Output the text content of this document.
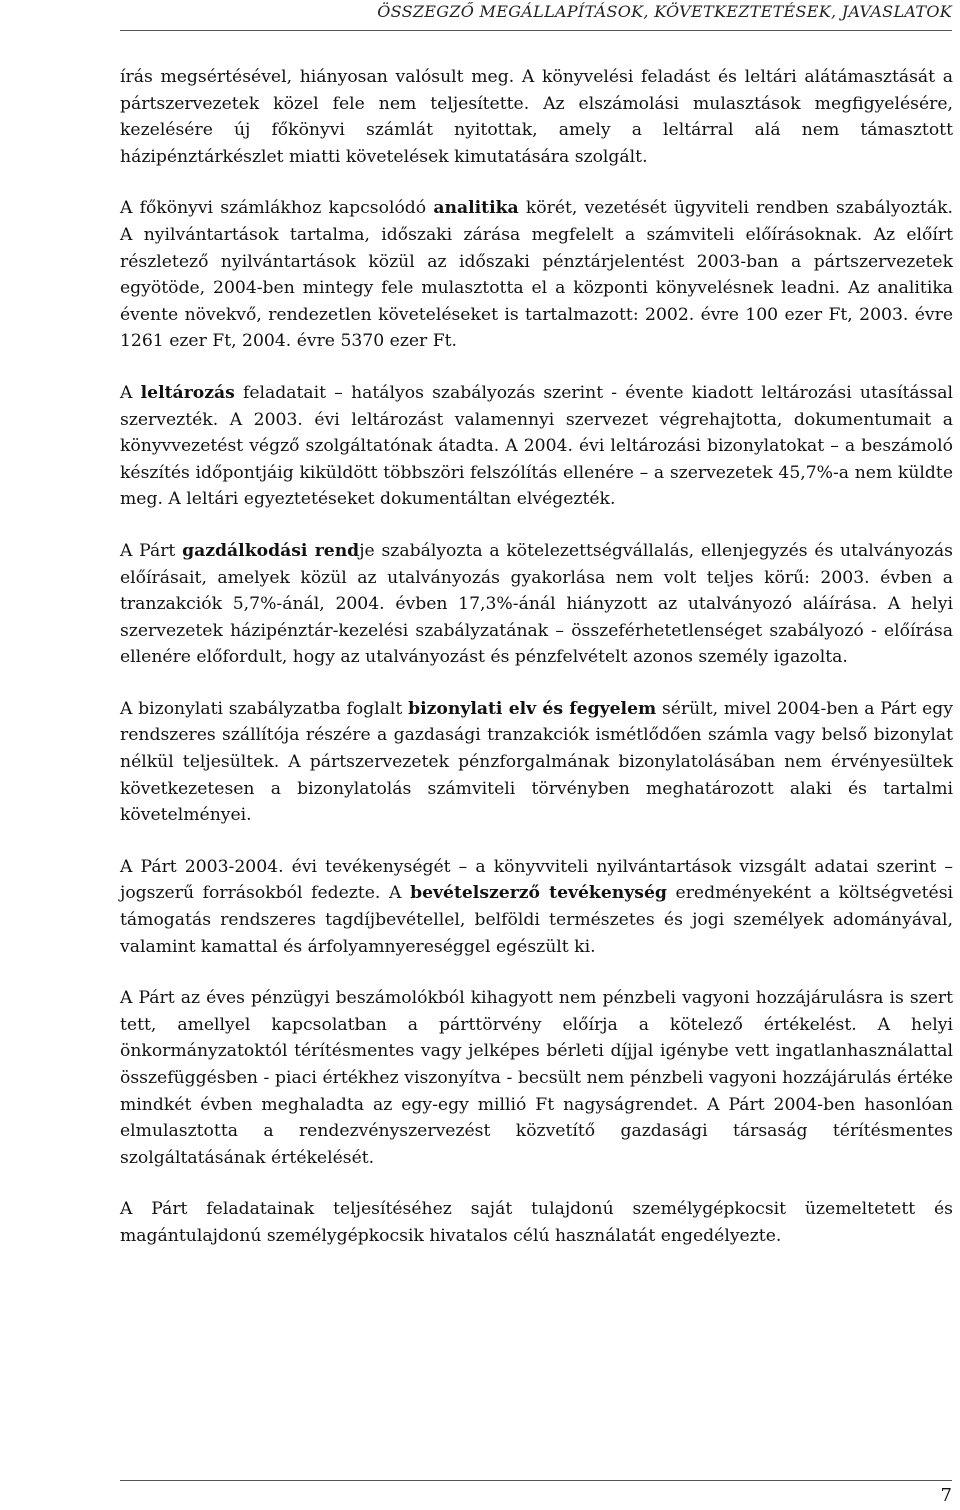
ÖSSZEGZŐ MEGÁLLAPÍTÁSOK, KÖVETKEZTETÉSEK, JAVASLATOK

írás megsértésével, hiányosan valósult meg. A könyvelési feladást és leltári alátámasztását a pártszervezetek közel fele nem teljesítette. Az elszámolási mulasztások megfigyelésére, kezelésére új főkönyvi számlát nyitottak, amely a leltárral alá nem támasztott házipénztárkészlet miatti követelések kimutatására szolgált.

A főkönyvi számlákhoz kapcsolódó analitika körét, vezetését ügyviteli rendben szabályozták. A nyilvántartások tartalma, időszaki zárása megfelelt a számviteli előírásoknak. Az előírt részletező nyilvántartások közül az időszaki pénztárjelentést 2003-ban a pártszervezetek egyötöde, 2004-ben mintegy fele mulasztotta el a központi könyvelésnek leadni. Az analitika évente növekvő, rendezetlen követeléseket is tartalmazott: 2002. évre 100 ezer Ft, 2003. évre 1261 ezer Ft, 2004. évre 5370 ezer Ft.

A leltározás feladatait – hatályos szabályozás szerint - évente kiadott leltározási utasítással szervezték. A 2003. évi leltározást valamennyi szervezet végrehajtotta, dokumentumait a könyvvezetést végző szolgáltatónak átadta. A 2004. évi leltározási bizonylatokat – a beszámoló készítés időpontjáig kiküldött többszöri felszólítás ellenére – a szervezetek 45,7%-a nem küldte meg. A leltári egyeztetéseket dokumentáltan elvégezték.

A Párt gazdálkodási rendje szabályozta a kötelezettségvállalás, ellenjegyzés és utalványozás előírásait, amelyek közül az utalványozás gyakorlása nem volt teljes körű: 2003. évben a tranzakciók 5,7%-ánál, 2004. évben 17,3%-ánál hiányzott az utalványozó aláírása. A helyi szervezetek házipénztár-kezelési szabályzatának – összeférhetetlenséget szabályozó - előírása ellenére előfordult, hogy az utalványozást és pénzfelvételt azonos személy igazolta.

A bizonylati szabályzatba foglalt bizonylati elv és fegyelem sérült, mivel 2004-ben a Párt egy rendszeres szállítója részére a gazdasági tranzakciók ismétlődően számla vagy belső bizonylat nélkül teljesültek. A pártszervezetek pénzforgalmának bizonylatolásában nem érvényesültek következetesen a bizonylatolás számviteli törvényben meghatározott alaki és tartalmi követelményei.

A Párt 2003-2004. évi tevékenységét – a könyvviteli nyilvántartások vizsgált adatai szerint – jogszerű forrásokból fedezte. A bevételszerző tevékenység eredményeként a költségvetési támogatás rendszeres tagdíjbevétellel, belföldi természetes és jogi személyek adományával, valamint kamattal és árfolyamnyereséggel egészült ki.

A Párt az éves pénzügyi beszámolókból kihagyott nem pénzbeli vagyoni hozzájárulásra is szert tett, amellyel kapcsolatban a párttörvény előírja a kötelező értékelést. A helyi önkormányzatoktól térítésmentes vagy jelképes bérleti díjjal igénybe vett ingatlanhasználattal összefüggésben - piaci értékhez viszonyítva - becsült nem pénzbeli vagyoni hozzájárulás értéke mindkét évben meghaladta az egy-egy millió Ft nagyságrendet. A Párt 2004-ben hasonlóan elmulasztotta a rendezvényszervezést közvetítő gazdasági társaság térítésmentes szolgáltatásának értékelését.

A Párt feladatainak teljesítéséhez saját tulajdonú személygépkocsit üzemeltetett és magántulajdonú személygépkocsik hivatalos célú használatát engedélyezte.

7
